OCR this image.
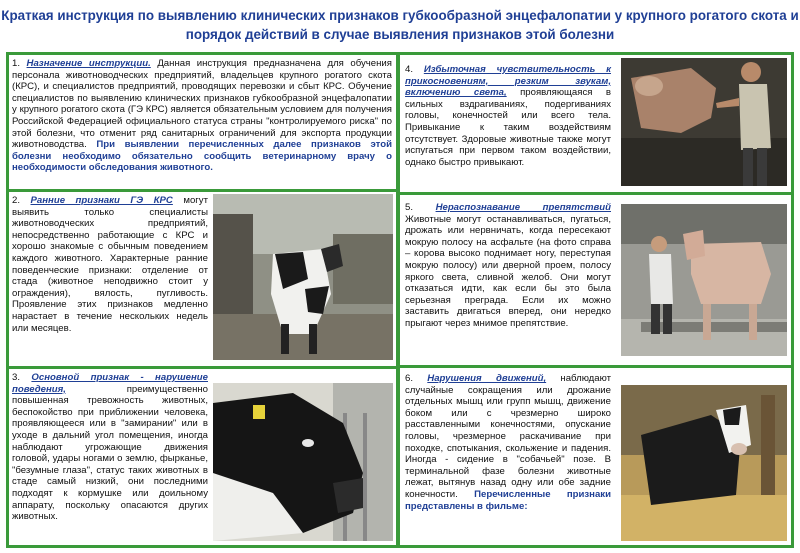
Краткая инструкция по выявлению клинических признаков губкообразной энцефалопатии у крупного рогатого скота и
порядок действий в случае выявления признаков этой болезни
1. Назначение инструкции. Данная инструкция предназначена для обучения персонала животноводческих предприятий, владельцев крупного рогатого скота (КРС), и специалистов предприятий, проводящих перевозки и сбыт КРС. Обучение специалистов по выявлению клинических признаков губкообразной энцефалопатии у крупного рогатого скота (ГЭ КРС) является обязательным условием для получения Российской Федерацией официального статуса страны "контролируемого риска" по этой болезни, что отменит ряд санитарных ограничений для экспорта продукции животноводства. При выявлении перечисленных далее признаков этой болезни необходимо обязательно сообщить ветеринарному врачу о необходимости обследования животного.
2. Ранние признаки ГЭ КРС могут выявить только специалисты животноводческих предприятий, непосредственно работающие с КРС и хорошо знакомые с обычным поведением каждого животного. Характерные ранние поведенческие признаки: отделение от стада (животное неподвижно стоит у ограждения), вялость, пугливость. Проявление этих признаков медленно нарастает в течение нескольких недель или месяцев.
3. Основной признак - нарушение поведения,	преимущественно повышенная тревожность животных, беспокойство при приближении человека, проявляющееся или в "замирании" или в уходе в дальний угол помещения, иногда наблюдают угрожающие движения головой, удары ногами о землю, фырканье, "безумные глаза", статус таких животных в стаде самый низкий, они последними подходят к кормушке или доильному аппарату, поскольку опасаются других животных.
4. Избыточная чувствительность к прикосновениям, резким звукам, включению света, проявляющаяся в сильных вздрагиваниях, подергиваниях головы, конечностей или всего тела. Привыкание к таким воздействиям отсутствует. Здоровые животные также могут испугаться при первом таком воздействии, однако быстро привыкают.
5. Нераспознавание препятствий Животные могут останавливаться, пугаться, дрожать или нервничать, когда пересекают мокрую полосу на асфальте (на фото справа – корова высоко поднимает ногу, переступая мокрую полосу) или дверной проем, полосу яркого света, сливной желоб. Они могут отказаться идти, как если бы это была серьезная преграда. Если их можно заставить двигаться вперед, они нередко прыгают через мнимое препятствие.
6. Нарушения движений, наблюдают случайные сокращения или дрожание отдельных мышц или групп мышц, движение боком или с чрезмерно широко расставленными конечностями, опускание головы, чрезмерное раскачивание при походке, спотыкания, скольжение и падения. Иногда - сидение в "собачьей" позе. В терминальной фазе болезни животные лежат, вытянув назад одну или обе задние конечности. Перечисленные признаки представлены в фильме:
